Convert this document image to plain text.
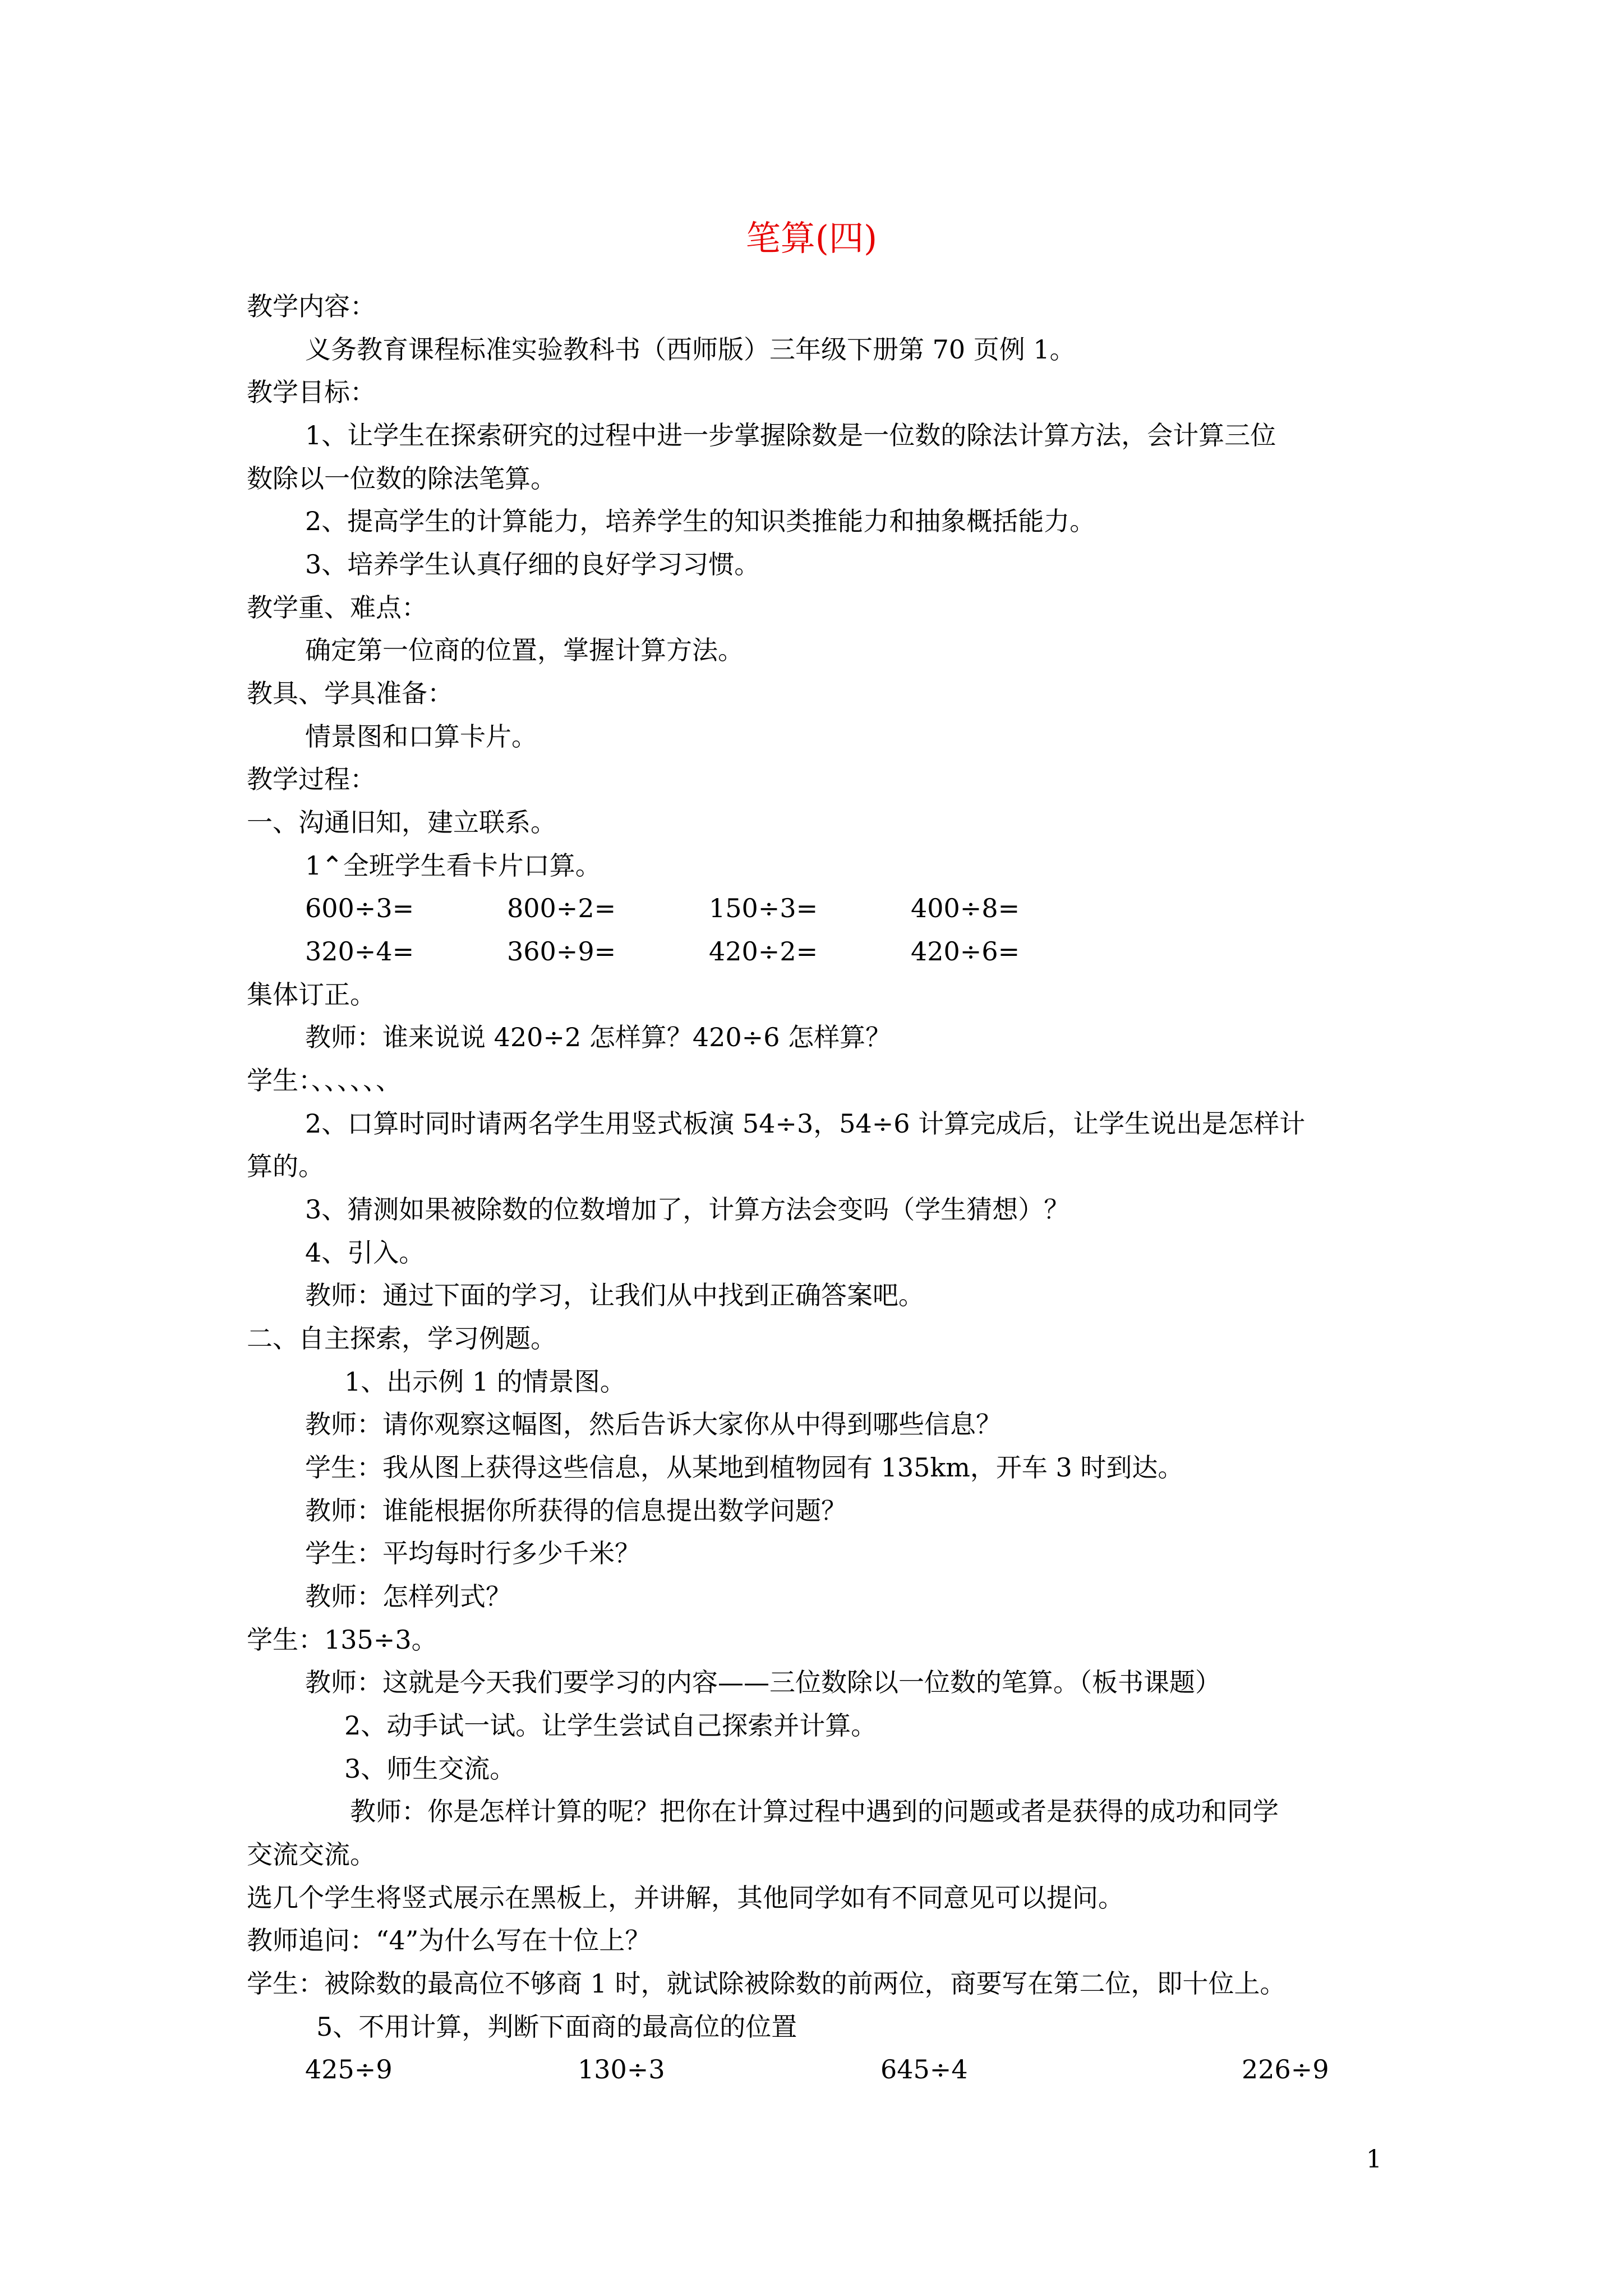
笔算(四)
教学内容：
义务教育课程标准实验教科书（西师版）三年级下册第 70 页例 1。
教学目标：
1、让学生在探索研究的过程中进一步掌握除数是一位数的除法计算方法，会计算三位
数除以一位数的除法笔算。
2、提高学生的计算能力，培养学生的知识类推能力和抽象概括能力。
3、培养学生认真仔细的良好学习习惯。
教学重、难点：
确定第一位商的位置，掌握计算方法。
教具、学具准备：
情景图和口算卡片。
教学过程：
一、沟通旧知，建立联系。
1⌃全班学生看卡片口算。
600÷3=	800÷2=	150÷3=	400÷8=
320÷4=	360÷9=	420÷2=	420÷6=
集体订正。
教师：谁来说说 420÷2 怎样算？420÷6 怎样算？
学生：、、、、、、
2、口算时同时请两名学生用竖式板演 54÷3，54÷6 计算完成后，让学生说出是怎样计
算的。
3、猜测如果被除数的位数增加了，计算方法会变吗（学生猜想）？
4、引入。
教师：通过下面的学习，让我们从中找到正确答案吧。
二、自主探索，学习例题。
1、出示例 1 的情景图。
教师：请你观察这幅图，然后告诉大家你从中得到哪些信息？
学生：我从图上获得这些信息，从某地到植物园有 135km，开车 3 时到达。
教师：谁能根据你所获得的信息提出数学问题？
学生：平均每时行多少千米？
教师：怎样列式？
学生：135÷3。
教师：这就是今天我们要学习的内容——三位数除以一位数的笔算。（板书课题）
2、动手试一试。让学生尝试自己探索并计算。
3、师生交流。
教师：你是怎样计算的呢？把你在计算过程中遇到的问题或者是获得的成功和同学
交流交流。
选几个学生将竖式展示在黑板上，并讲解，其他同学如有不同意见可以提问。
教师追问：“4”为什么写在十位上？
学生：被除数的最高位不够商 1 时，就试除被除数的前两位，商要写在第二位，即十位上。
5、不用计算，判断下面商的最高位的位置
425÷9	130÷3	645÷4	226÷9
1
